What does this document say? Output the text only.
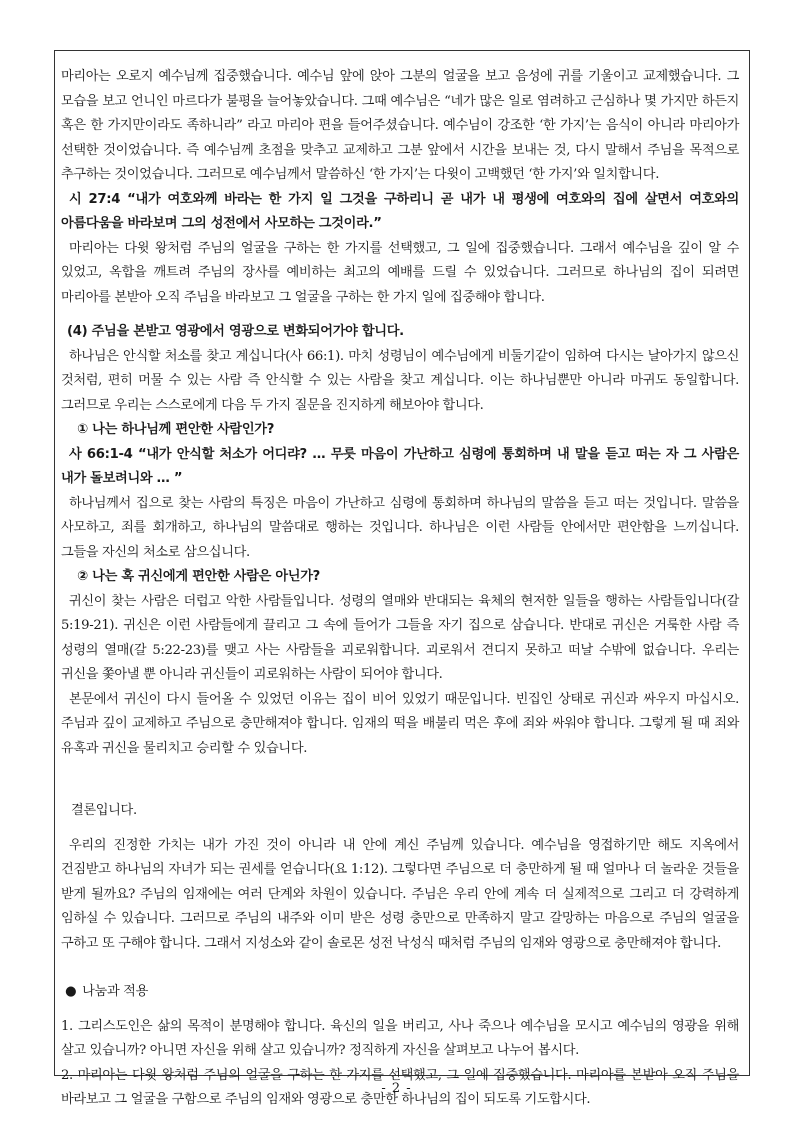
마리아는 오로지 예수님께 집중했습니다. 예수님 앞에 앉아 그분의 얼굴을 보고 음성에 귀를 기울이고 교제했습니다. 그 모습을 보고 언니인 마르다가 불평을 늘어놓았습니다. 그때 예수님은 “네가 많은 일로 염려하고 근심하나 몇 가지만 하든지 혹은 한 가지만이라도 족하니라” 라고 마리아 편을 들어주셨습니다. 예수님이 강조한 ‘한 가지’는 음식이 아니라 마리아가 선택한 것이었습니다. 즉 예수님께 초점을 맞추고 교제하고 그분 앞에서 시간을 보내는 것, 다시 말해서 주님을 목적으로 추구하는 것이었습니다. 그러므로 예수님께서 말씀하신 ‘한 가지’는 다윗이 고백했던 ‘한 가지’와 일치합니다.

시 27:4 “내가 여호와께 바라는 한 가지 일 그것을 구하리니 곧 내가 내 평생에 여호와의 집에 살면서 여호와의 아름다움을 바라보며 그의 성전에서 사모하는 그것이라.”

마리아는 다윗 왕처럼 주님의 얼굴을 구하는 한 가지를 선택했고, 그 일에 집중했습니다. 그래서 예수님을 깊이 알 수 있었고, 옥합을 깨트려 주님의 장사를 예비하는 최고의 예배를 드릴 수 있었습니다. 그러므로 하나님의 집이 되려면 마리아를 본받아 오직 주님을 바라보고 그 얼굴을 구하는 한 가지 일에 집중해야 합니다.

(4) 주님을 본받고 영광에서 영광으로 변화되어가야 합니다.

하나님은 안식할 처소를 찾고 계십니다(사 66:1). 마치 성령님이 예수님에게 비둘기같이 임하여 다시는 날아가지 않으신 것처럼, 편히 머물 수 있는 사람 즉 안식할 수 있는 사람을 찾고 계십니다. 이는 하나님뿐만 아니라 마귀도 동일합니다. 그러므로 우리는 스스로에게 다음 두 가지 질문을 진지하게 해보아야 합니다.

① 나는 하나님께 편안한 사람인가?

사 66:1-4 “내가 안식할 처소가 어디랴? … 무릇 마음이 가난하고 심령에 통회하며 내 말을 듣고 떠는 자 그 사람은 내가 돌보려니와 … ”

하나님께서 집으로 찾는 사람의 특징은 마음이 가난하고 심령에 통회하며 하나님의 말씀을 듣고 떠는 것입니다. 말씀을 사모하고, 죄를 회개하고, 하나님의 말씀대로 행하는 것입니다. 하나님은 이런 사람들 안에서만 편안함을 느끼십니다. 그들을 자신의 처소로 삼으십니다.

② 나는 혹 귀신에게 편안한 사람은 아닌가?

귀신이 찾는 사람은 더럽고 악한 사람들입니다. 성령의 열매와 반대되는 육체의 현저한 일들을 행하는 사람들입니다(갈 5:19-21). 귀신은 이런 사람들에게 끌리고 그 속에 들어가 그들을 자기 집으로 삼습니다. 반대로 귀신은 거룩한 사람 즉 성령의 열매(갈 5:22-23)를 맺고 사는 사람들을 괴로워합니다. 괴로워서 견디지 못하고 떠날 수밖에 없습니다. 우리는 귀신을 쫓아낼 뿐 아니라 귀신들이 괴로워하는 사람이 되어야 합니다.

본문에서 귀신이 다시 들어올 수 있었던 이유는 집이 비어 있었기 때문입니다. 빈집인 상태로 귀신과 싸우지 마십시오. 주님과 깊이 교제하고 주님으로 충만해져야 합니다. 임재의 떡을 배불리 먹은 후에 죄와 싸워야 합니다. 그렇게 될 때 죄와 유혹과 귀신을 물리치고 승리할 수 있습니다.

결론입니다.

우리의 진정한 가치는 내가 가진 것이 아니라 내 안에 계신 주님께 있습니다. 예수님을 영접하기만 해도 지옥에서 건짐받고 하나님의 자녀가 되는 권세를 얻습니다(요 1:12). 그렇다면 주님으로 더 충만하게 될 때 얼마나 더 놀라운 것들을 받게 될까요? 주님의 임재에는 여러 단계와 차원이 있습니다. 주님은 우리 안에 계속 더 실제적으로 그리고 더 강력하게 임하실 수 있습니다. 그러므로 주님의 내주와 이미 받은 성령 충만으로 만족하지 말고 갈망하는 마음으로 주님의 얼굴을 구하고 또 구해야 합니다. 그래서 지성소와 같이 솔로몬 성전 낙성식 때처럼 주님의 임재와 영광으로 충만해져야 합니다.

● 나눔과 적용

1. 그리스도인은 삶의 목적이 분명해야 합니다. 육신의 일을 버리고, 사나 죽으나 예수님을 모시고 예수님의 영광을 위해 살고 있습니까? 아니면 자신을 위해 살고 있습니까? 정직하게 자신을 살펴보고 나누어 봅시다.

2. 마리아는 다윗 왕처럼 주님의 얼굴을 구하는 한 가지를 선택했고, 그 일에 집중했습니다. 마리아를 본받아 오직 주님을 바라보고 그 얼굴을 구함으로 주님의 임재와 영광으로 충만한 하나님의 집이 되도록 기도합시다.

- 2 -
